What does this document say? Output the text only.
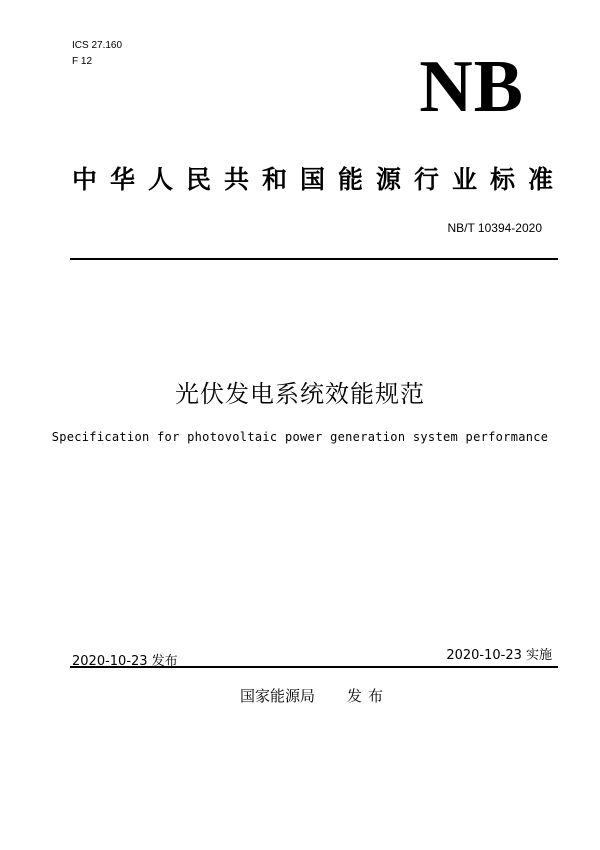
ICS 27.160
F 12	NB
中华人民共和国能源行业标准
NB/T 10394-2020
光伏发电系统效能规范
Specification for photovoltaic power generation system performance
2020-10-23 发布	2020-10-23 实施
国家能源局 发布
